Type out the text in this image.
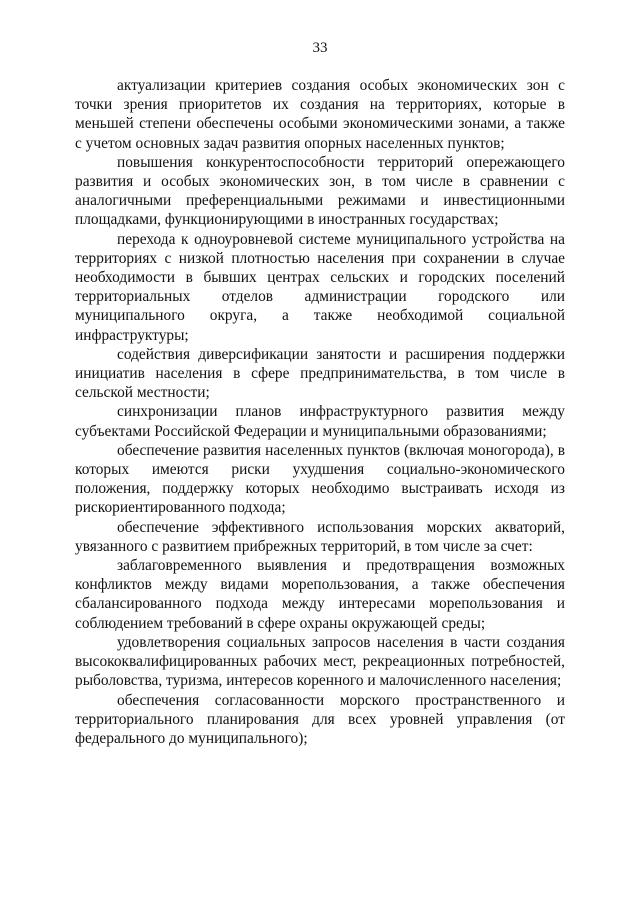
33

актуализации критериев создания особых экономических зон с точки зрения приоритетов их создания на территориях, которые в меньшей степени обеспечены особыми экономическими зонами, а также с учетом основных задач развития опорных населенных пунктов;

повышения конкурентоспособности территорий опережающего развития и особых экономических зон, в том числе в сравнении с аналогичными преференциальными режимами и инвестиционными площадками, функционирующими в иностранных государствах;

перехода к одноуровневой системе муниципального устройства на территориях с низкой плотностью населения при сохранении в случае необходимости в бывших центрах сельских и городских поселений территориальных отделов администрации городского или муниципального округа, а также необходимой социальной инфраструктуры;

содействия диверсификации занятости и расширения поддержки инициатив населения в сфере предпринимательства, в том числе в сельской местности;

синхронизации планов инфраструктурного развития между субъектами Российской Федерации и муниципальными образованиями;

обеспечение развития населенных пунктов (включая моногорода), в которых имеются риски ухудшения социально-экономического положения, поддержку которых необходимо выстраивать исходя из рискориентированного подхода;

обеспечение эффективного использования морских акваторий, увязанного с развитием прибрежных территорий, в том числе за счет:

заблаговременного выявления и предотвращения возможных конфликтов между видами морепользования, а также обеспечения сбалансированного подхода между интересами морепользования и соблюдением требований в сфере охраны окружающей среды;

удовлетворения социальных запросов населения в части создания высококвалифицированных рабочих мест, рекреационных потребностей, рыболовства, туризма, интересов коренного и малочисленного населения;

обеспечения согласованности морского пространственного и территориального планирования для всех уровней управления (от федерального до муниципального);
